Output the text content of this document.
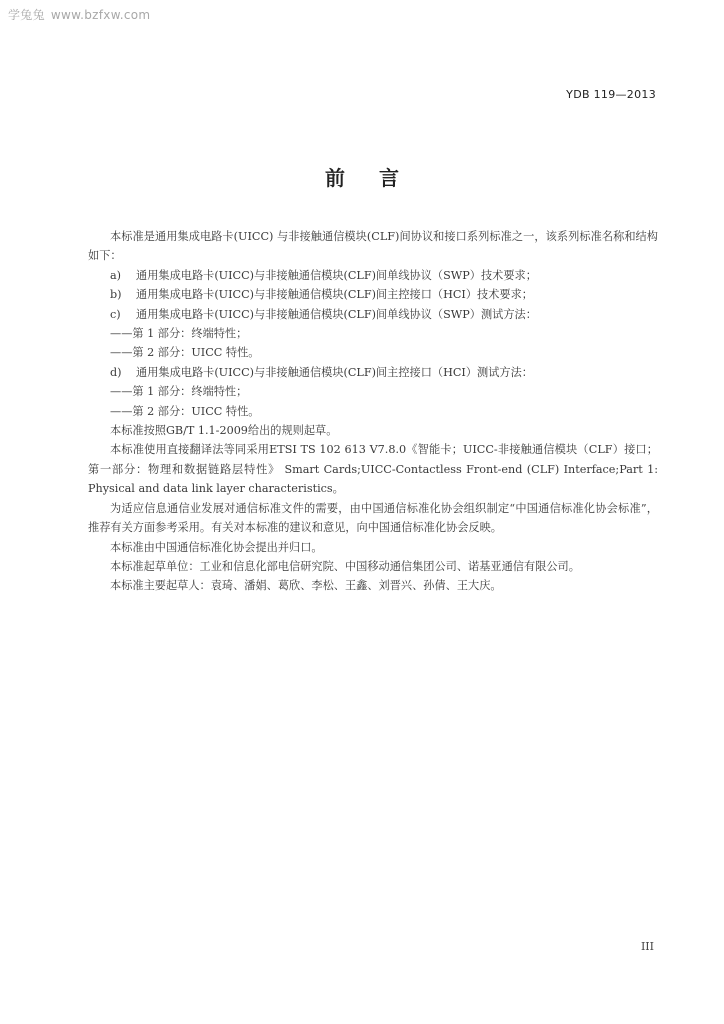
学兔兔 www.bzfxw.com
YDB 119—2013
前言

本标准是通用集成电路卡(UICC) 与非接触通信模块(CLF)间协议和接口系列标准之一，该系列标准名称和结构如下：

a) 通用集成电路卡(UICC)与非接触通信模块(CLF)间单线协议（SWP）技术要求；

b) 通用集成电路卡(UICC)与非接触通信模块(CLF)间主控接口（HCI）技术要求；

c) 通用集成电路卡(UICC)与非接触通信模块(CLF)间单线协议（SWP）测试方法：

——第 1 部分：终端特性；

——第 2 部分：UICC 特性。

d) 通用集成电路卡(UICC)与非接触通信模块(CLF)间主控接口（HCI）测试方法：

——第 1 部分：终端特性；

——第 2 部分：UICC 特性。

本标准按照GB/T 1.1-2009给出的规则起草。

本标准使用直接翻译法等同采用ETSI TS 102 613 V7.8.0《智能卡；UICC-非接触通信模块（CLF）接口；第一部分：物理和数据链路层特性》 Smart Cards;UICC-Contactless Front-end (CLF) Interface;Part 1: Physical and data link layer characteristics。

为适应信息通信业发展对通信标准文件的需要，由中国通信标准化协会组织制定“中国通信标准化协会标准”，推荐有关方面参考采用。有关对本标准的建议和意见，向中国通信标准化协会反映。

本标准由中国通信标准化协会提出并归口。

本标准起草单位：工业和信息化部电信研究院、中国移动通信集团公司、诺基亚通信有限公司。

本标准主要起草人：袁琦、潘娟、葛欣、李松、王鑫、刘晋兴、孙倩、王大庆。

III
